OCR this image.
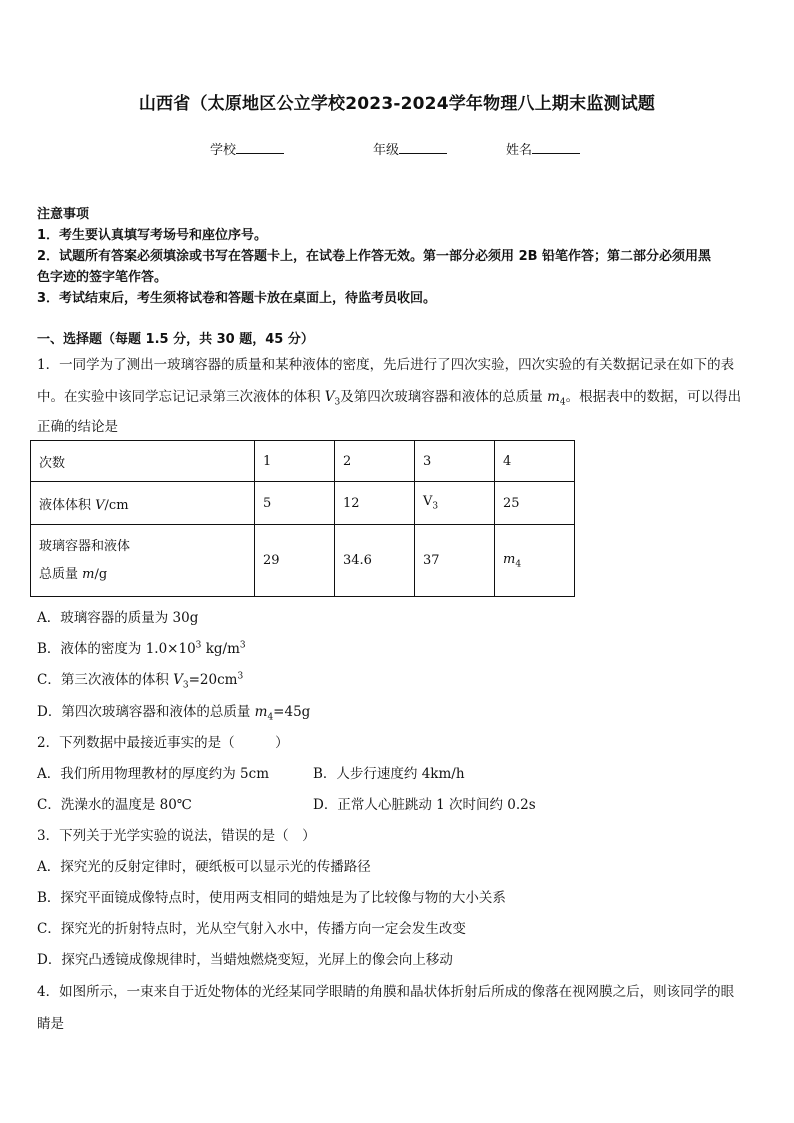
山西省（太原地区公立学校2023-2024学年物理八上期末监测试题
学校	年级	姓名
注意事项
1．考生要认真填写考场号和座位序号。
2．试题所有答案必须填涂或书写在答题卡上，在试卷上作答无效。第一部分必须用 2B 铅笔作答；第二部分必须用黑
色字迹的签字笔作答。
3．考试结束后，考生须将试卷和答题卡放在桌面上，待监考员收回。
一、选择题（每题 1.5 分，共 30 题，45 分）
1．一同学为了测出一玻璃容器的质量和某种液体的密度，先后进行了四次实验，四次实验的有关数据记录在如下的表
中。在实验中该同学忘记记录第三次液体的体积 $V_3$及第四次玻璃容器和液体的总质量 $m_4$。根据表中的数据，可以得出
正确的结论是
次数	1	2	3	4
液体体积 V/cm	5	12	$V_3$	25

玻璃容器和液体
总质量 m/g	29	34.6	37	$m_4$
A．玻璃容器的质量为 30g
B．液体的密度为 $1.0\times 10^3$ $kg/m^3$
C．第三次液体的体积 $V_3=20cm^3$
D．第四次玻璃容器和液体的总质量 $m_4=45g$
2．下列数据中最接近事实的是（　　　）
A．我们所用物理教材的厚度约为 5cm	B．人步行速度约 4km/h
C．洗澡水的温度是 80℃	D．正常人心脏跳动 1 次时间约 0.2s
3．下列关于光学实验的说法，错误的是（　）
A．探究光的反射定律时，硬纸板可以显示光的传播路径
B．探究平面镜成像特点时，使用两支相同的蜡烛是为了比较像与物的大小关系
C．探究光的折射特点时，光从空气射入水中，传播方向一定会发生改变
D．探究凸透镜成像规律时，当蜡烛燃烧变短，光屏上的像会向上移动
4．如图所示，一束来自于近处物体的光经某同学眼睛的角膜和晶状体折射后所成的像落在视网膜之后，则该同学的眼
睛是
